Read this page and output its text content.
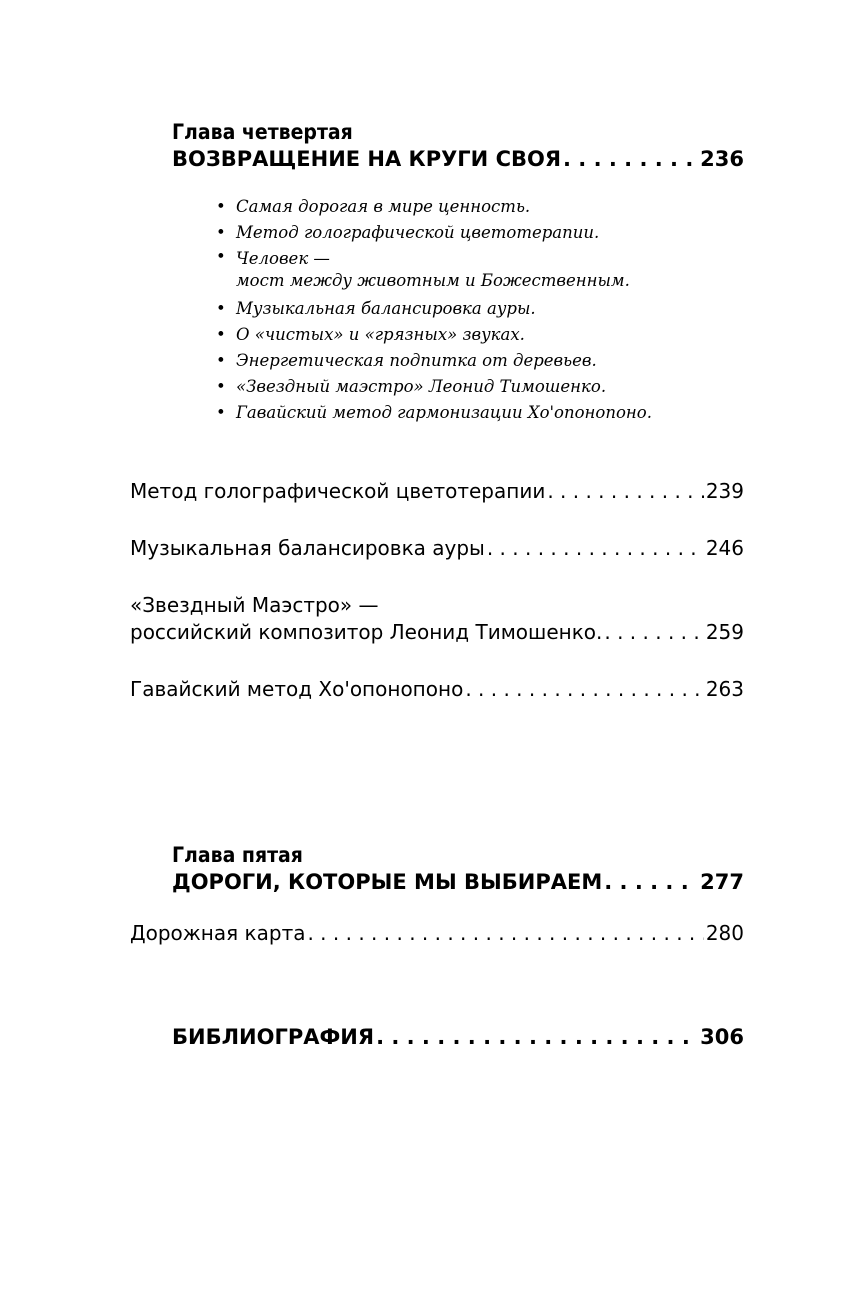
Глава четвертая
ВОЗВРАЩЕНИЕ НА КРУГИ СВОЯ . . .	236
• Самая дорогая в мире ценность.
• Метод голографической цветотерапии.
• Человек —
мост между животным и Божественным.
• Музыкальная балансировка ауры.
• О «чистых» и «грязных» звуках.
• Энергетическая подпитка от деревьев.
• «Звездный маэстро» Леонид Тимошенко.
• Гавайский метод гармонизации Хо'опонопоно.
Метод голографической цветотерапии . . .	239
Музыкальная балансировка ауры . . .	246
«Звездный Маэстро» —
российский композитор Леонид Тимошенко. . . .	259
Гавайский метод Хо'опонопоно . . .	263
Глава пятая
ДОРОГИ, КОТОРЫЕ МЫ ВЫБИРАЕМ . . .	277
Дорожная карта . . .	280
БИБЛИОГРАФИЯ . . .	306
